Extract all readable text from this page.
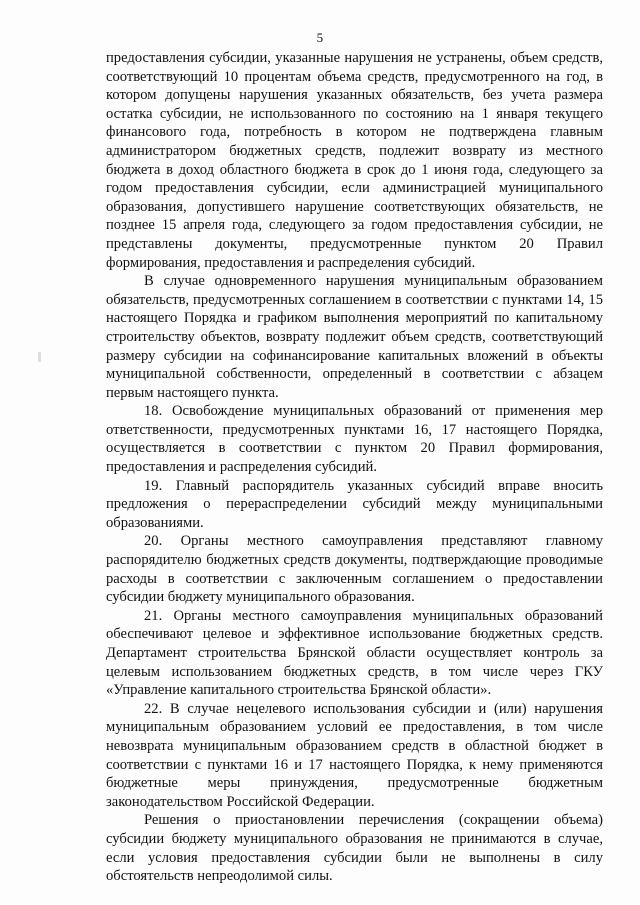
5

предоставления субсидии, указанные нарушения не устранены, объем средств, соответствующий 10 процентам объема средств, предусмотренного на год, в котором допущены нарушения указанных обязательств, без учета размера остатка субсидии, не использованного по состоянию на 1 января текущего финансового года, потребность в котором не подтверждена главным администратором бюджетных средств, подлежит возврату из местного бюджета в доход областного бюджета в срок до 1 июня года, следующего за годом предоставления субсидии, если администрацией муниципального образования, допустившего нарушение соответствующих обязательств, не позднее 15 апреля года, следующего за годом предоставления субсидии, не представлены документы, предусмотренные пунктом 20 Правил формирования, предоставления и распределения субсидий.

В случае одновременного нарушения муниципальным образованием обязательств, предусмотренных соглашением в соответствии с пунктами 14, 15 настоящего Порядка и графиком выполнения мероприятий по капитальному строительству объектов, возврату подлежит объем средств, соответствующий размеру субсидии на софинансирование капитальных вложений в объекты муниципальной собственности, определенный в соответствии с абзацем первым настоящего пункта.

18. Освобождение муниципальных образований от применения мер ответственности, предусмотренных пунктами 16, 17 настоящего Порядка, осуществляется в соответствии с пунктом 20 Правил формирования, предоставления и распределения субсидий.

19. Главный распорядитель указанных субсидий вправе вносить предложения о перераспределении субсидий между муниципальными образованиями.

20. Органы местного самоуправления представляют главному распорядителю бюджетных средств документы, подтверждающие проводимые расходы в соответствии с заключенным соглашением о предоставлении субсидии бюджету муниципального образования.

21. Органы местного самоуправления муниципальных образований обеспечивают целевое и эффективное использование бюджетных средств. Департамент строительства Брянской области осуществляет контроль за целевым использованием бюджетных средств, в том числе через ГКУ «Управление капитального строительства Брянской области».

22. В случае нецелевого использования субсидии и (или) нарушения муниципальным образованием условий ее предоставления, в том числе невозврата муниципальным образованием средств в областной бюджет в соответствии с пунктами 16 и 17 настоящего Порядка, к нему применяются бюджетные меры принуждения, предусмотренные бюджетным законодательством Российской Федерации.

Решения о приостановлении перечисления (сокращении объема) субсидии бюджету муниципального образования не принимаются в случае, если условия предоставления субсидии были не выполнены в силу обстоятельств непреодолимой силы.
